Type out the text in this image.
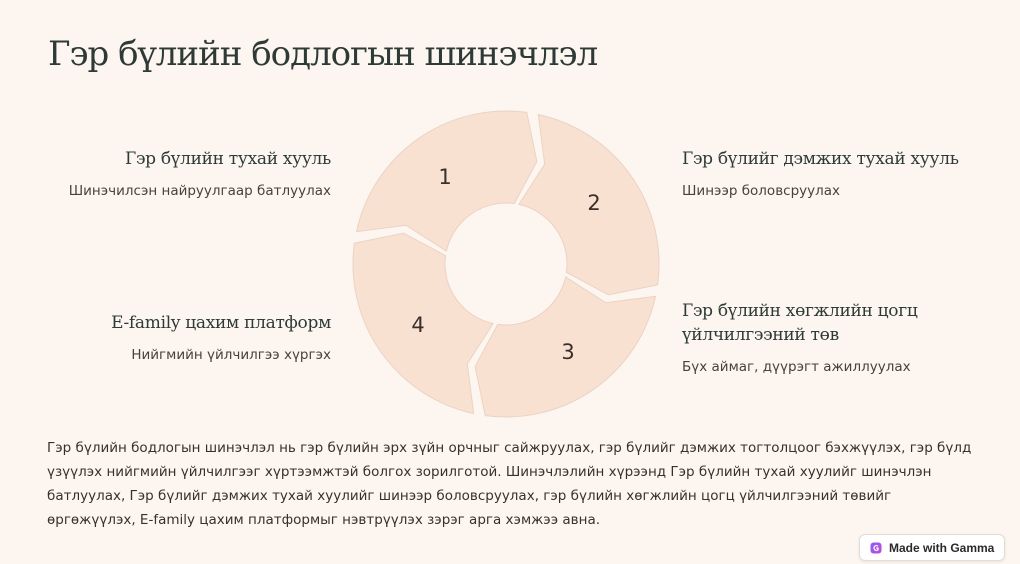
Гэр бүлийн бодлогын шинэчлэл
1
2
3
4
Гэр бүлийн тухай хууль

Шинэчилсэн найруулгаар батлуулах

Гэр бүлийг дэмжих тухай хууль

Шинээр боловсруулах

Гэр бүлийн хөгжлийн цогц үйлчилгээний төв

Бүх аймаг, дүүрэгт ажиллуулах

E-family цахим платформ

Нийгмийн үйлчилгээ хүргэх

Гэр бүлийн бодлогын шинэчлэл нь гэр бүлийн эрх зүйн орчныг сайжруулах, гэр бүлийг дэмжих тогтолцоог бэхжүүлэх, гэр бүлд үзүүлэх нийгмийн үйлчилгээг хүртээмжтэй болгох зорилготой. Шинэчлэлийн хүрээнд Гэр бүлийн тухай хуулийг шинэчлэн батлуулах, Гэр бүлийг дэмжих тухай хуулийг шинээр боловсруулах, гэр бүлийн хөгжлийн цогц үйлчилгээний төвийг өргөжүүлэх, E-family цахим платформыг нэвтрүүлэх зэрэг арга хэмжээ авна.

Made with Gamma
